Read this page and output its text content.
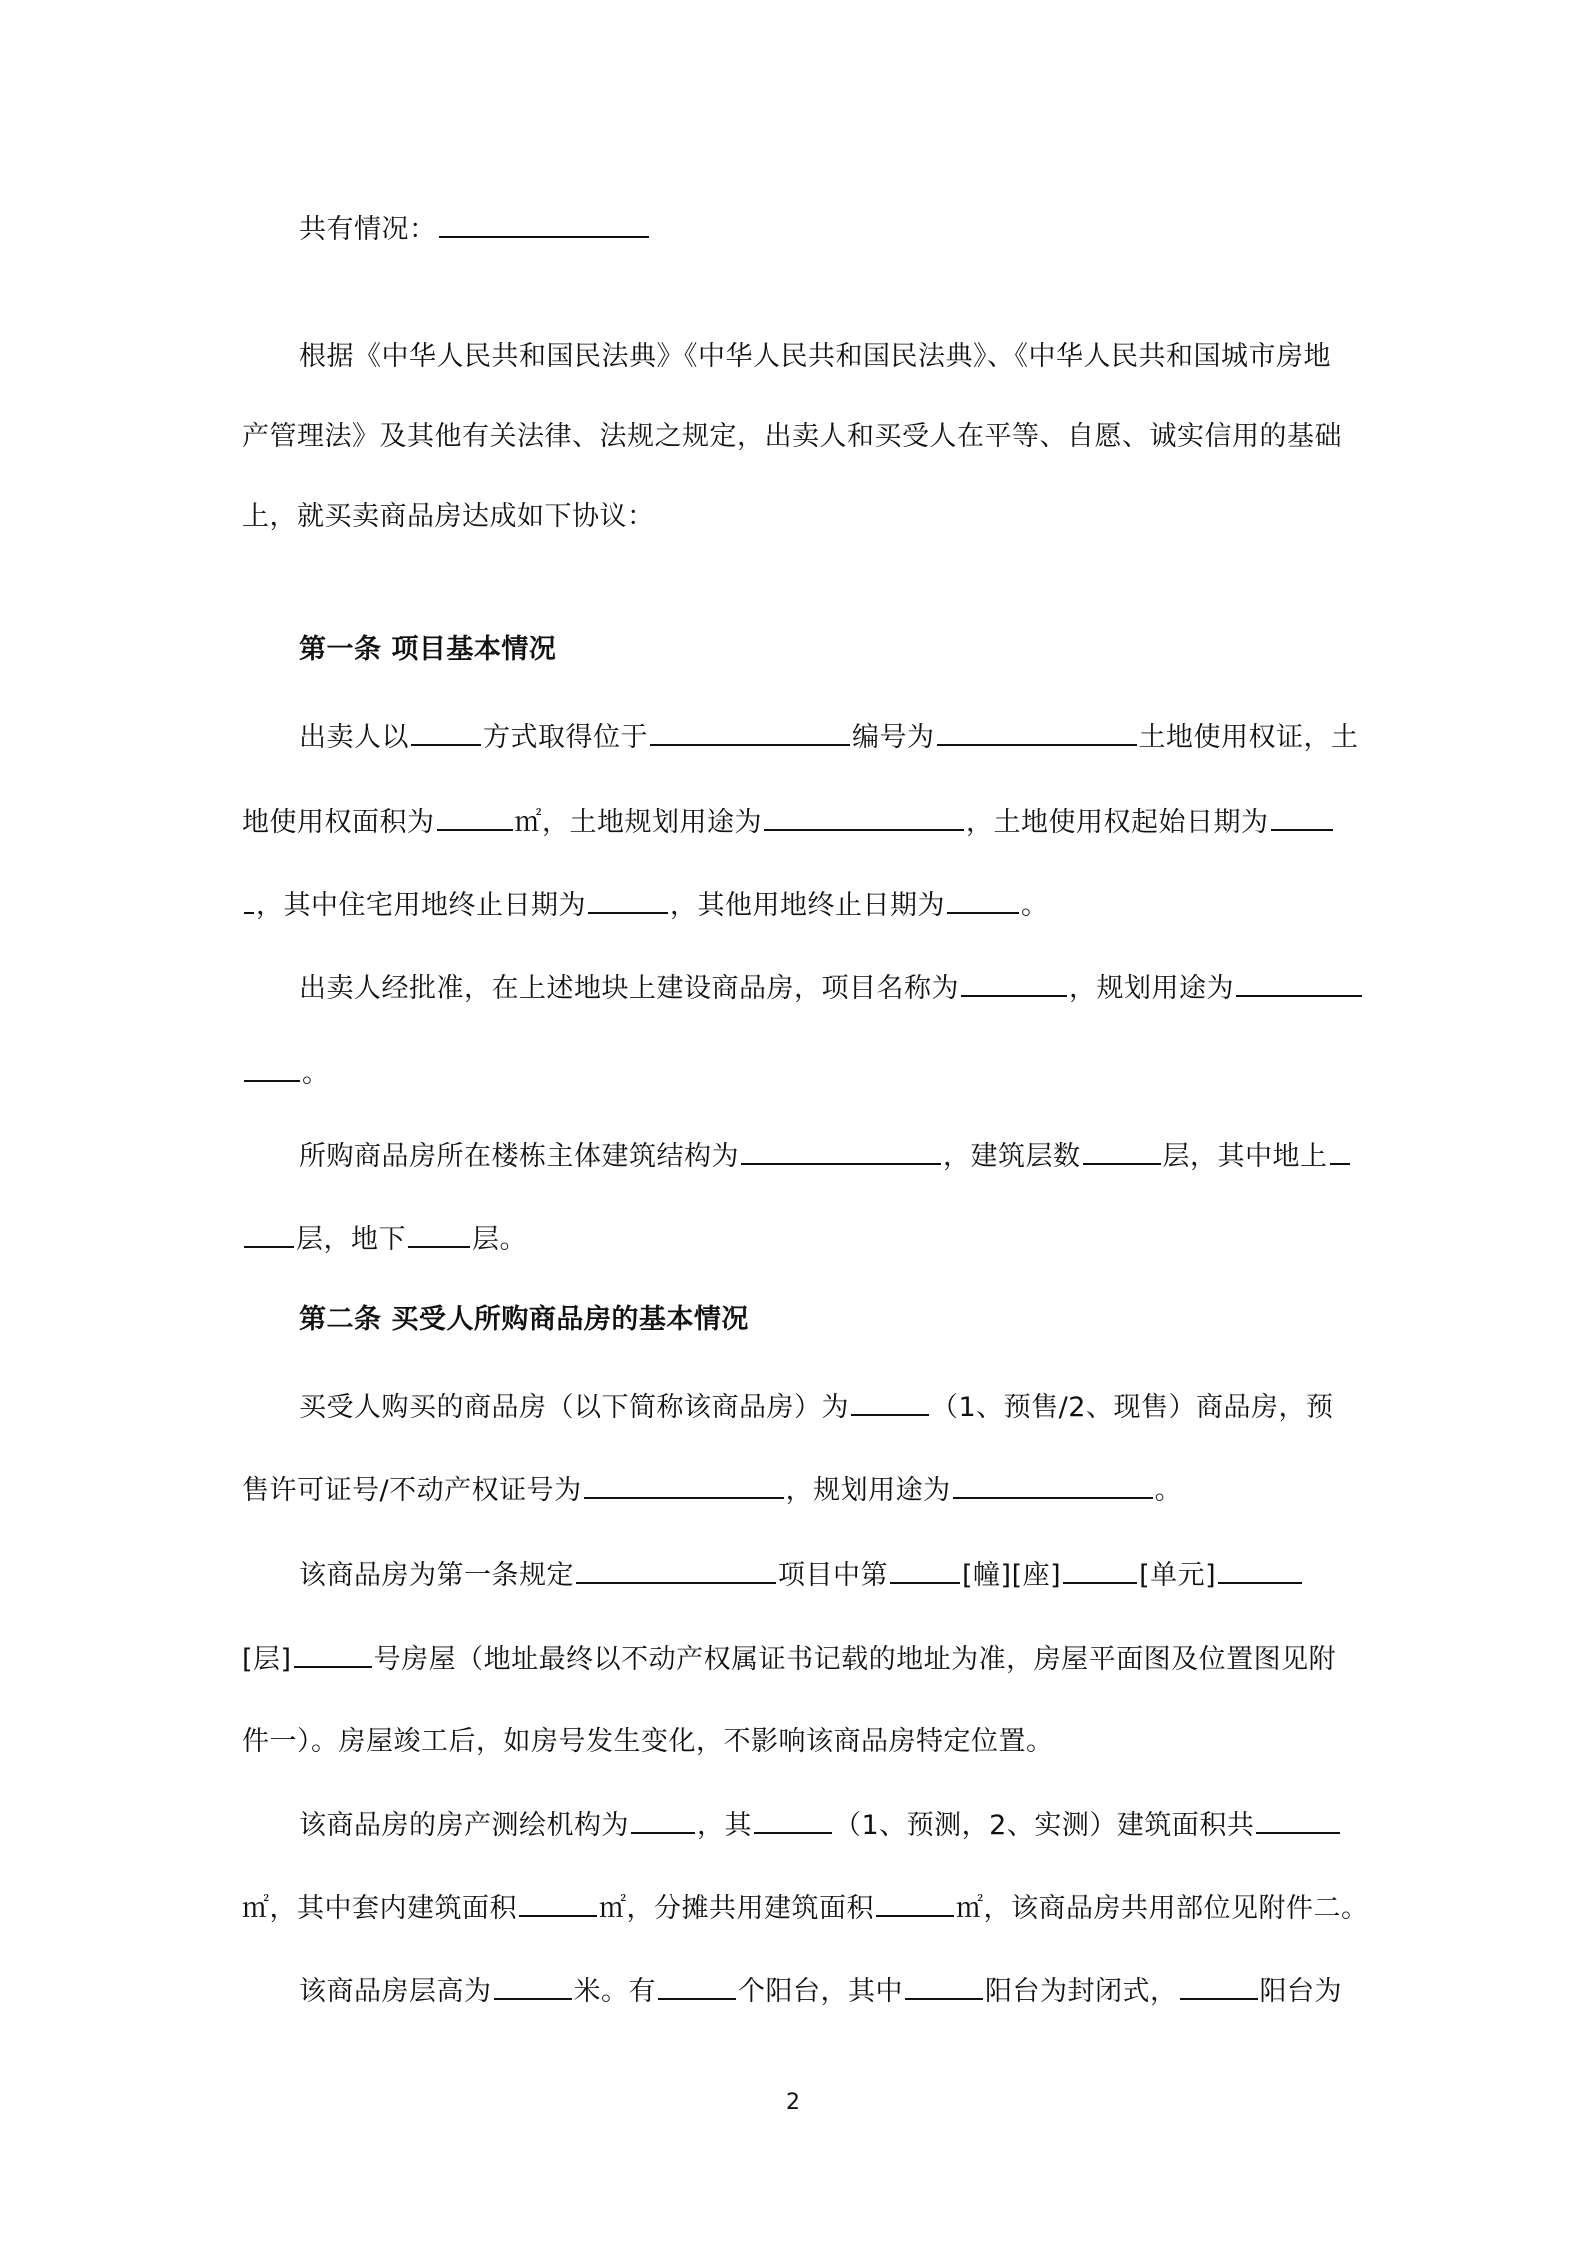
共有情况：
根据《中华人民共和国民法典》《中华人民共和国民法典》、《中华人民共和国城市房地
产管理法》及其他有关法律、法规之规定，出卖人和买受人在平等、自愿、诚实信用的基础
上，就买卖商品房达成如下协议：
第一条 项目基本情况
出卖人以	方式取得位于	编号为	土地使用权证，土
地使用权面积为	㎡，土地规划用途为	，土地使用权起始日期为
，其中住宅用地终止日期为	，其他用地终止日期为	。
出卖人经批准，在上述地块上建设商品房，项目名称为	，规划用途为
。
所购商品房所在楼栋主体建筑结构为	，建筑层数	层，其中地上
层，地下 层。
第二条 买受人所购商品房的基本情况
买受人购买的商品房（以下简称该商品房）为	（1、预售/2、现售）商品房，预
售许可证号/不动产权证号为	，规划用途为	。
该商品房为第一条规定	项目中第	[幢][座]	[单元]
[层]	号房屋（地址最终以不动产权属证书记载的地址为准，房屋平面图及位置图见附
件一）。房屋竣工后，如房号发生变化，不影响该商品房特定位置。
该商品房的房产测绘机构为	，其	（1、预测，2、实测）建筑面积共
㎡，其中套内建筑面积	㎡，分摊共用建筑面积	㎡，该商品房共用部位见附件二。
该商品房层高为	米。有	个阳台，其中	阳台为封闭式，	阳台为
2
